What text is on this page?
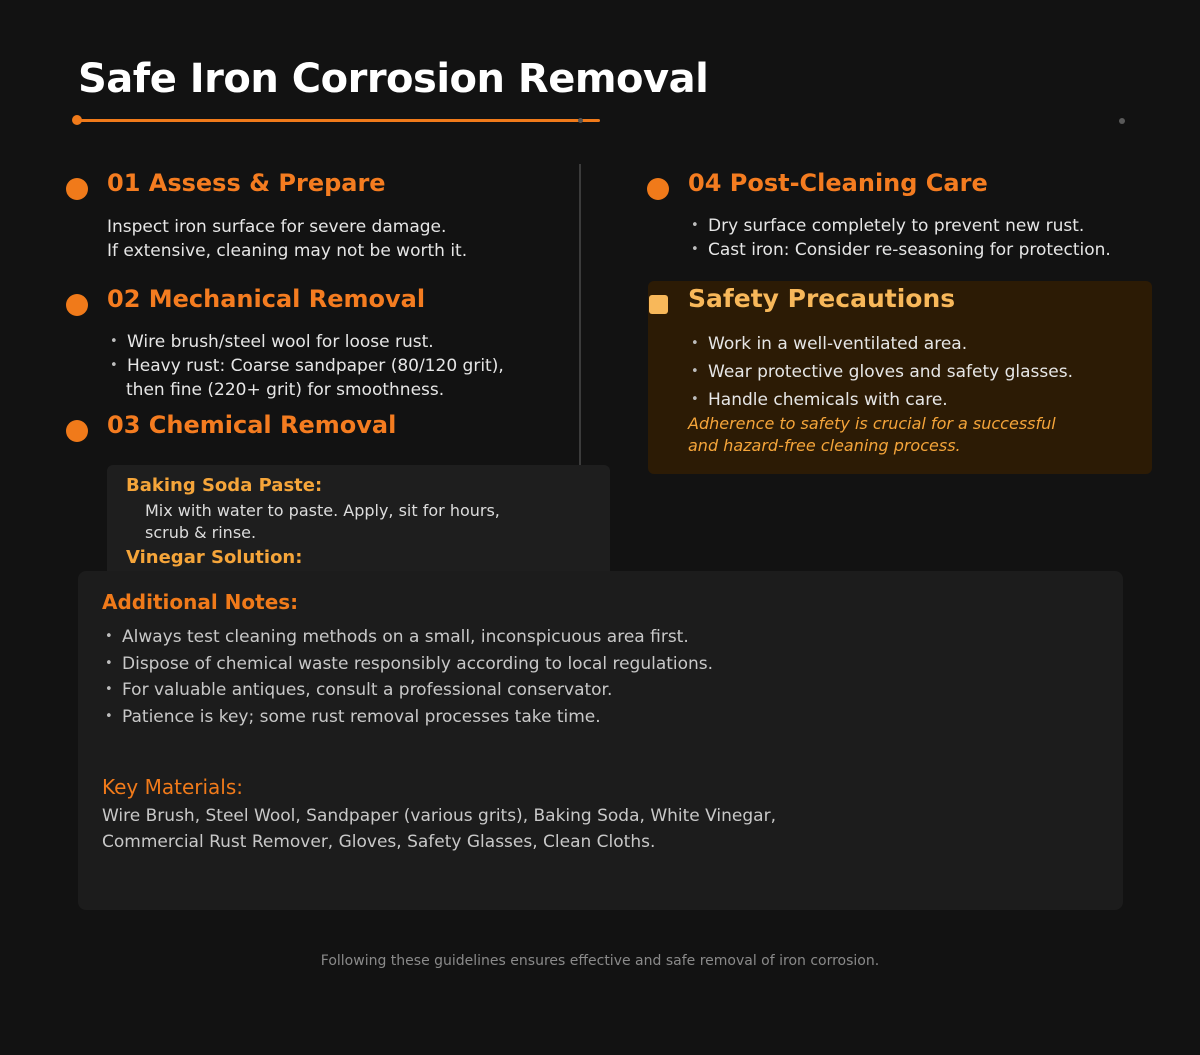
Safe Iron Corrosion Removal
01 Assess & Prepare
Inspect iron surface for severe damage.
If extensive, cleaning may not be worth it.
02 Mechanical Removal
• Wire brush/steel wool for loose rust.
• Heavy rust: Coarse sandpaper (80/120 grit),
then fine (220+ grit) for smoothness.
03 Chemical Removal
Baking Soda Paste:
Mix with water to paste. Apply, sit for hours,
scrub & rinse.
Vinegar Solution:
04 Post-Cleaning Care
• Dry surface completely to prevent new rust.
• Cast iron: Consider re-seasoning for protection.
Safety Precautions
• Work in a well-ventilated area.
• Wear protective gloves and safety glasses.
• Handle chemicals with care.
Adherence to safety is crucial for a successful
and hazard-free cleaning process.
Additional Notes:
• Always test cleaning methods on a small, inconspicuous area first.
• Dispose of chemical waste responsibly according to local regulations.
• For valuable antiques, consult a professional conservator.
• Patience is key; some rust removal processes take time.
Key Materials:
Wire Brush, Steel Wool, Sandpaper (various grits), Baking Soda, White Vinegar,
Commercial Rust Remover, Gloves, Safety Glasses, Clean Cloths.
Following these guidelines ensures effective and safe removal of iron corrosion.
